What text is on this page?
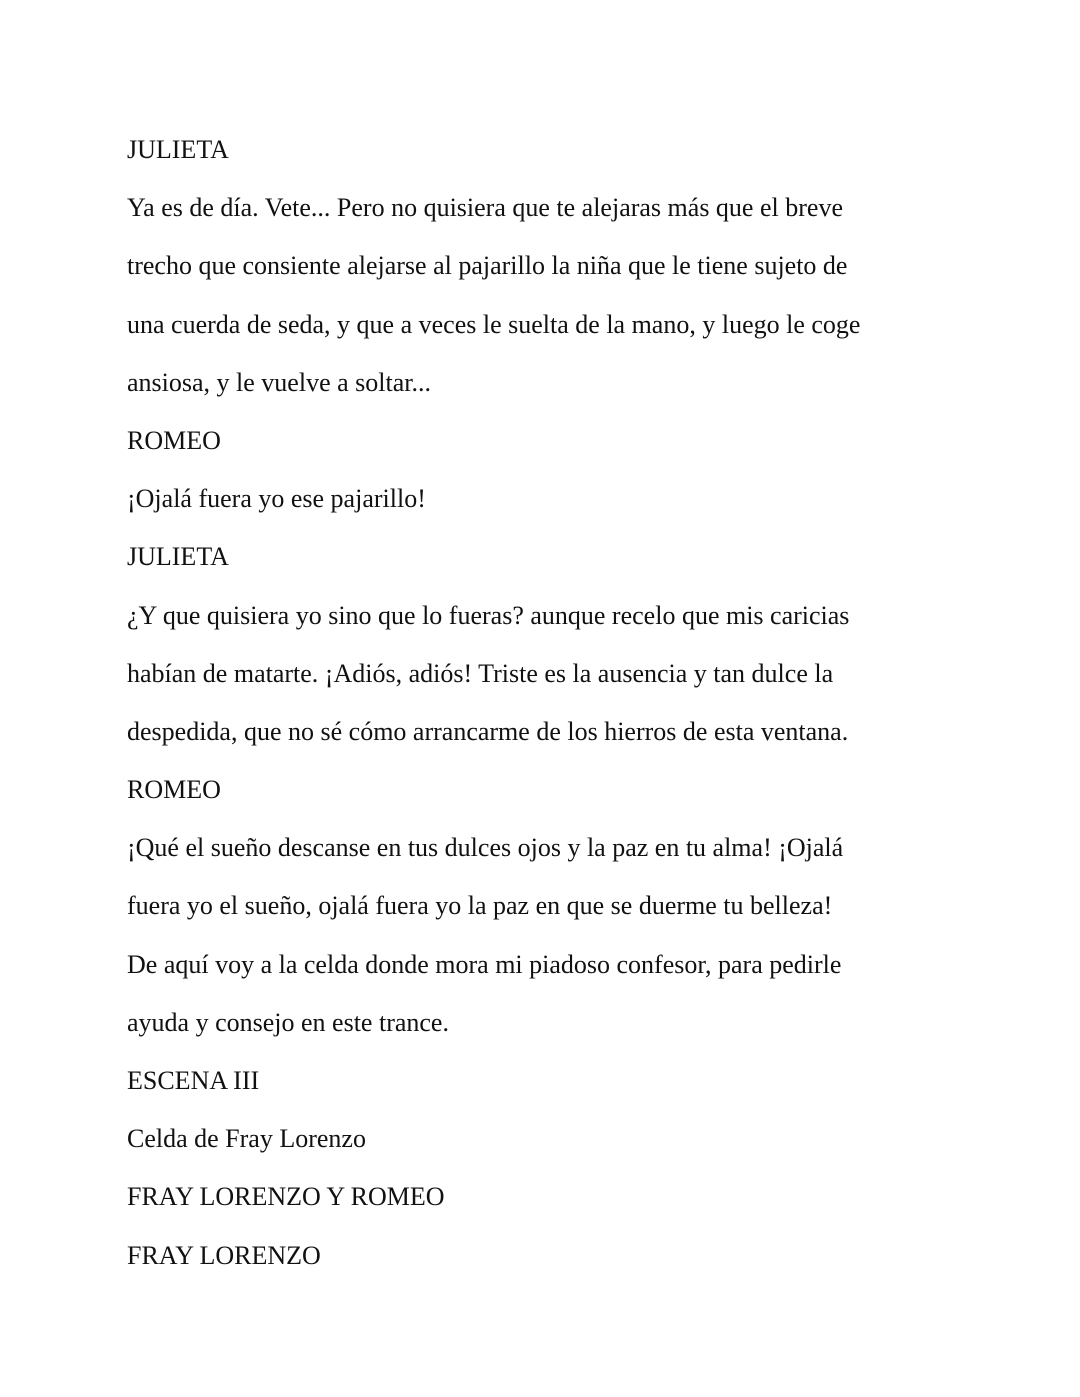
JULIETA

Ya es de día. Vete... Pero no quisiera que te alejaras más que el breve

trecho que consiente alejarse al pajarillo la niña que le tiene sujeto de

una cuerda de seda, y que a veces le suelta de la mano, y luego le coge

ansiosa, y le vuelve a soltar...

ROMEO

¡Ojalá fuera yo ese pajarillo!

JULIETA

¿Y que quisiera yo sino que lo fueras? aunque recelo que mis caricias

habían de matarte. ¡Adiós, adiós! Triste es la ausencia y tan dulce la

despedida, que no sé cómo arrancarme de los hierros de esta ventana.

ROMEO

¡Qué el sueño descanse en tus dulces ojos y la paz en tu alma! ¡Ojalá

fuera yo el sueño, ojalá fuera yo la paz en que se duerme tu belleza!

De aquí voy a la celda donde mora mi piadoso confesor, para pedirle

ayuda y consejo en este trance.

ESCENA III

Celda de Fray Lorenzo

FRAY LORENZO Y ROMEO

FRAY LORENZO
